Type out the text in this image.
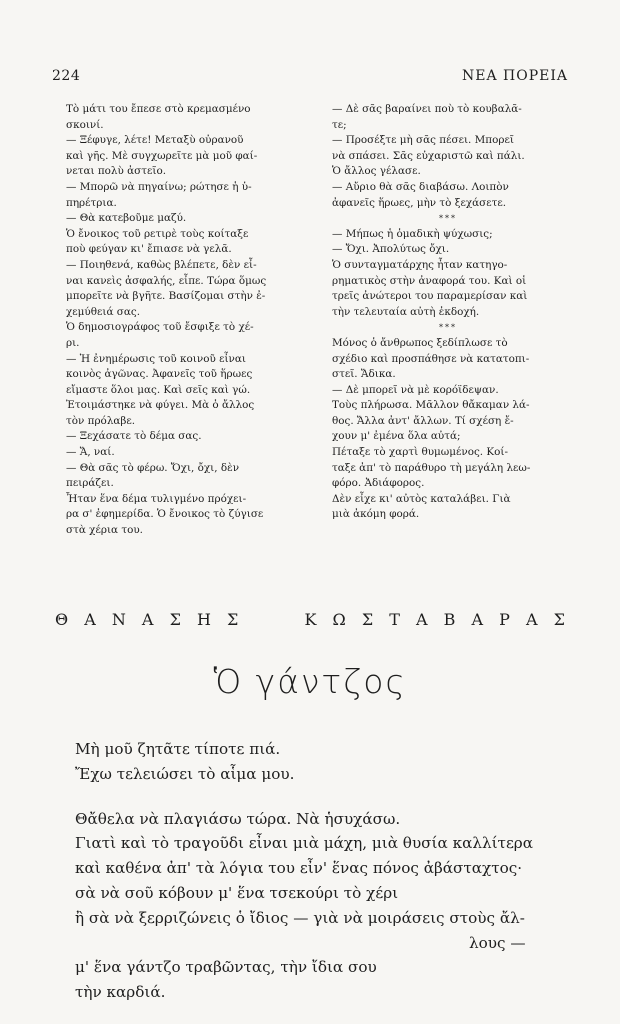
224	ΝΕΑ ΠΟΡΕΙΑ
Τὸ μάτι του ἔπεσε στὸ κρεμασμένο
σκοινί.
— Ξέφυγε, λέτε! Μεταξὺ οὐρανοῦ
καὶ γῆς. Μὲ συγχωρεῖτε μὰ μοῦ φαί-
νεται πολὺ ἀστεῖο.
— Μπορῶ νὰ πηγαίνω; ρώτησε ἡ ὑ-
πηρέτρια.
— Θὰ κατεβοῦμε μαζύ.
Ὁ ἔνοικος τοῦ ρετιρὲ τοὺς κοίταξε
ποὺ φεύγαν κι' ἔπιασε νὰ γελᾶ.
— Ποιηθενά, καθὼς βλέπετε, δὲν εἶ-
ναι κανεὶς ἀσφαλής, εἶπε. Τώρα ὅμως
μπορεῖτε νὰ βγῆτε. Βασίζομαι στὴν ἐ-
χεμύθειά σας.
Ὁ δημοσιογράφος τοῦ ἔσφιξε τὸ χέ-
ρι.
— Ἡ ἐνημέρωσις τοῦ κοινοῦ εἶναι
κοινὸς ἀγῶνας. Ἀφανεῖς τοῦ ἥρωες
εἴμαστε ὅλοι μας. Καὶ σεῖς καὶ γώ.
Ἐτοιμάστηκε νὰ φύγει. Μὰ ὁ ἄλλος
τὸν πρόλαβε.
— Ξεχάσατε τὸ δέμα σας.
— Ἄ, ναί.
— Θὰ σᾶς τὸ φέρω. Ὄχι, ὄχι, δὲν
πειράζει.
Ἦταν ἕνα δέμα τυλιγμένο πρόχει-
ρα σ' ἐφημερίδα. Ὁ ἔνοικος τὸ ζύγισε
στὰ χέρια του.
— Δὲ σᾶς βαραίνει ποὺ τὸ κουβαλᾶ-
τε;
— Προσέξτε μὴ σᾶς πέσει. Μπορεῖ
νὰ σπάσει. Σᾶς εὐχαριστῶ καὶ πάλι.
Ὁ ἄλλος γέλασε.
— Αὔριο θὰ σᾶς διαβάσω. Λοιπὸν
ἀφανεῖς ἥρωες, μὴν τὸ ξεχάσετε.
***
— Μήπως ἡ ὁμαδικὴ ψύχωσις;
— Ὄχι. Ἀπολύτως ὄχι.
Ὁ συνταγματάρχης ἦταν κατηγο-
ρηματικὸς στὴν ἀναφορά του. Καὶ οἱ
τρεῖς ἀνώτεροι του παραμερίσαν καὶ
τὴν τελευταία αὐτὴ ἐκδοχή.
***
Μόνος ὁ ἄνθρωπος ξεδίπλωσε τὸ
σχέδιο καὶ προσπάθησε νὰ κατατοπι-
στεῖ. Ἄδικα.
— Δὲ μπορεῖ νὰ μὲ κορόϊδεψαν.
Τοὺς πλήρωσα. Μᾶλλον θἄκαμαν λά-
θος. Ἄλλα ἀντ' ἄλλων. Τί σχέση ἔ-
χουν μ' ἐμένα ὅλα αὐτά;
Πέταξε τὸ χαρτὶ θυμωμένος. Κοί-
ταξε ἀπ' τὸ παράθυρο τὴ μεγάλη λεω-
φόρο. Ἀδιάφορος.
Δὲν εἶχε κι' αὐτὸς καταλάβει. Γιὰ
μιὰ ἀκόμη φορά.
Θ Α Ν Α Σ Η Σ	Κ Ω Σ Τ Α Β Α Ρ Α Σ
Ὁ γάντζος
Μὴ μοῦ ζητᾶτε τίποτε πιά.
Ἔχω τελειώσει τὸ αἷμα μου.
Θἄθελα νὰ πλαγιάσω τώρα. Νὰ ἡσυχάσω.
Γιατὶ καὶ τὸ τραγοῦδι εἶναι μιὰ μάχη, μιὰ θυσία καλλίτερα
καὶ καθένα ἀπ' τὰ λόγια του εἶν' ἕνας πόνος ἀβάσταχτος·
σὰ νὰ σοῦ κόβουν μ' ἕνα τσεκούρι τὸ χέρι
ἢ σὰ νὰ ξερριζώνεις ὁ ἴδιος — γιὰ νὰ μοιράσεις στοὺς ἄλ-
λους —
μ' ἕνα γάντζο τραβῶντας, τὴν ἴδια σου
τὴν καρδιά.
